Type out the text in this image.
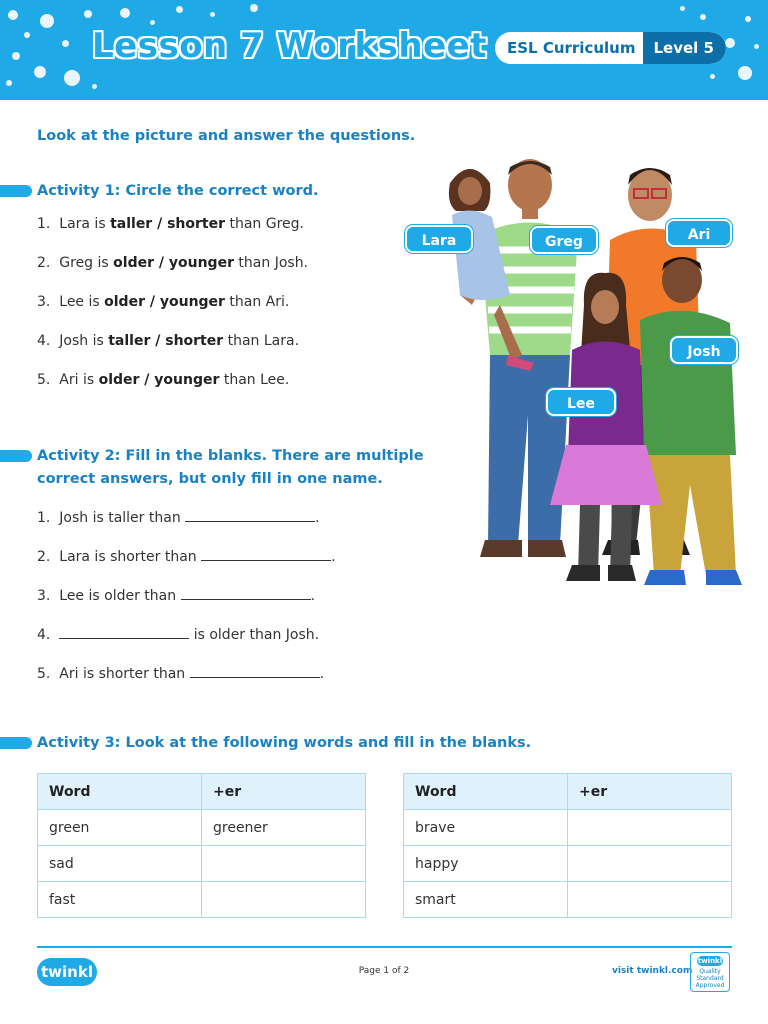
Lesson 7 Worksheet	ESL Curriculum	Level 5
Look at the picture and answer the questions.
Activity 1: Circle the correct word.
1. Lara is taller / shorter than Greg.
2. Greg is older / younger than Josh.
3. Lee is older / younger than Ari.
4. Josh is taller / shorter than Lara.
5. Ari is older / younger than Lee.
Activity 2: Fill in the blanks. There are multiple
correct answers, but only fill in one name.
1. Josh is taller than	.
2. Lara is shorter than	.
3. Lee is older than	.
4.	is older than Josh.
5. Ari is shorter than	.
Lara	Greg	Ari
Josh
Lee
Activity 3: Look at the following words and fill in the blanks.
Word	+er
green	greener
sad	
fast	
Word	+er
brave	
happy	
smart	
twinkl	Page 1 of 2	visit twinkl.com
twinkl
Quality Standard Approved
